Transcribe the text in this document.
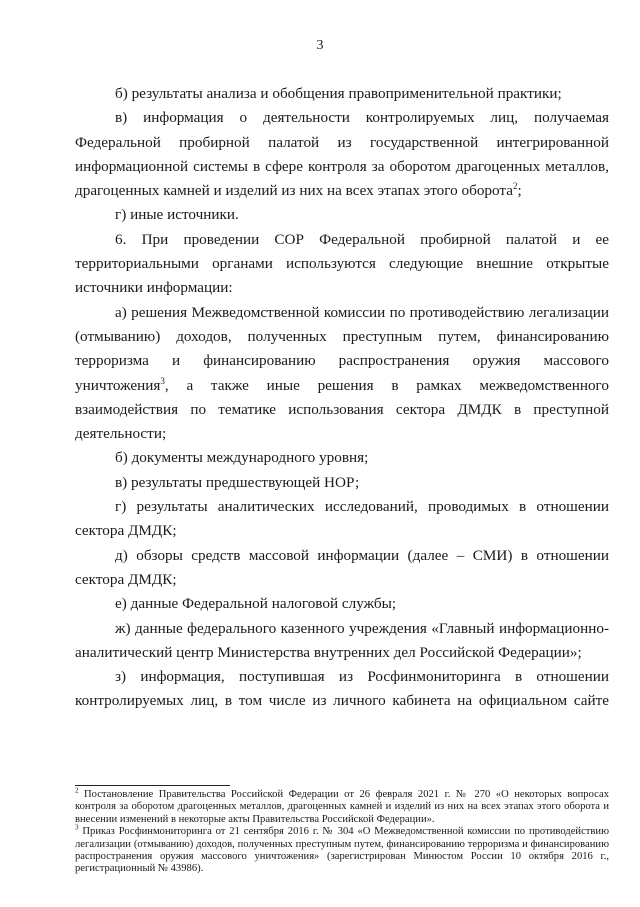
3

б) результаты анализа и обобщения правоприменительной практики;

в) информация о деятельности контролируемых лиц, получаемая Федеральной пробирной палатой из государственной интегрированной информационной системы в сфере контроля за оборотом драгоценных металлов, драгоценных камней и изделий из них на всех этапах этого оборота$^2$;

г) иные источники.

6. При проведении СОР Федеральной пробирной палатой и ее территориальными органами используются следующие внешние открытые источники информации:

а) решения Межведомственной комиссии по противодействию легализации (отмыванию) доходов, полученных преступным путем, финансированию терроризма и финансированию распространения оружия массового уничтожения$^3$, а также иные решения в рамках межведомственного взаимодействия по тематике использования сектора ДМДК в преступной деятельности;

б) документы международного уровня;

в) результаты предшествующей НОР;

г) результаты аналитических исследований, проводимых в отношении сектора ДМДК;

д) обзоры средств массовой информации (далее – СМИ) в отношении сектора ДМДК;

е) данные Федеральной налоговой службы;

ж) данные федерального казенного учреждения «Главный информационно-аналитический центр Министерства внутренних дел Российской Федерации»;

з) информация, поступившая из Росфинмониторинга в отношении контролируемых лиц, в том числе из личного кабинета на официальном сайте

$^2$ Постановление Правительства Российской Федерации от 26 февраля 2021 г. № 270 «О некоторых вопросах контроля за оборотом драгоценных металлов, драгоценных камней и изделий из них на всех этапах этого оборота и внесении изменений в некоторые акты Правительства Российской Федерации».

$^3$ Приказ Росфинмониторинга от 21 сентября 2016 г. № 304 «О Межведомственной комиссии по противодействию легализации (отмыванию) доходов, полученных преступным путем, финансированию терроризма и финансированию распространения оружия массового уничтожения» (зарегистрирован Минюстом России 10 октября 2016 г., регистрационный № 43986).
